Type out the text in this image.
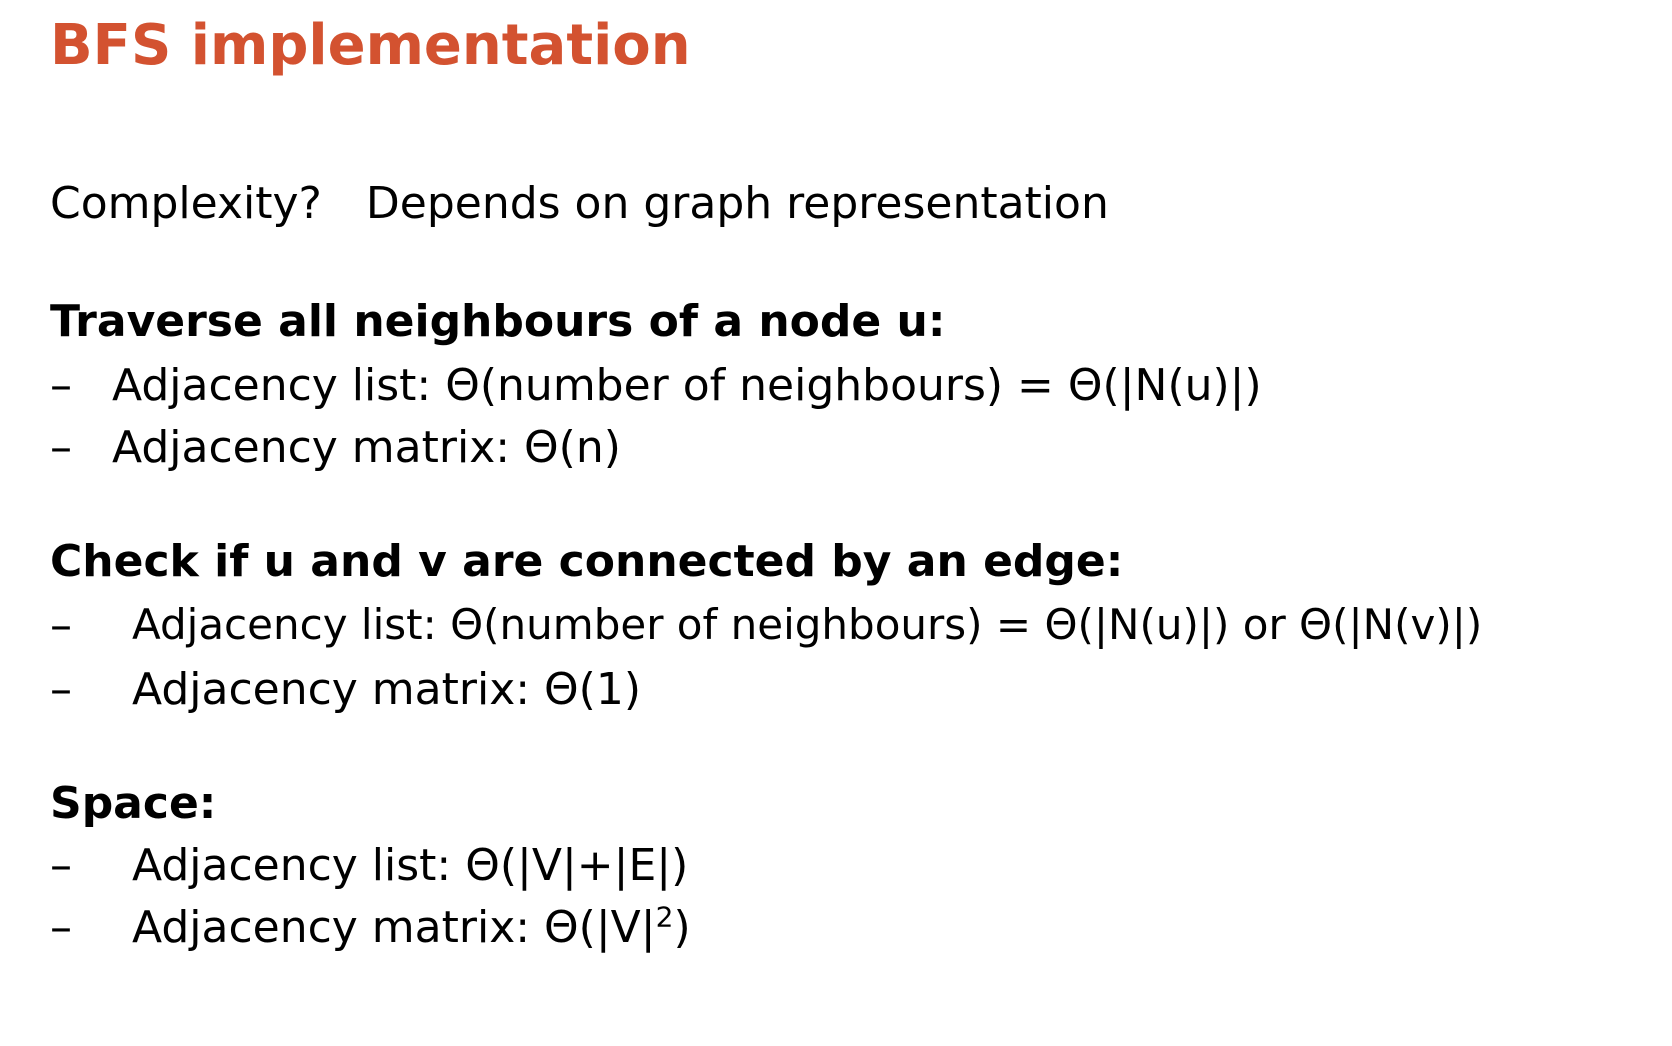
BFS implementation
Complexity? Depends on graph representation
Traverse all neighbours of a node u:
– Adjacency list: Θ(number of neighbours) = Θ(|N(u)|)
– Adjacency matrix: Θ(n)
Check if u and v are connected by an edge:
– Adjacency list: Θ(number of neighbours) = Θ(|N(u)|) or Θ(|N(v)|)
– Adjacency matrix: Θ(1)
Space:
– Adjacency list: Θ(|V|+|E|)
– Adjacency matrix: $\Theta(|V|^2)$
